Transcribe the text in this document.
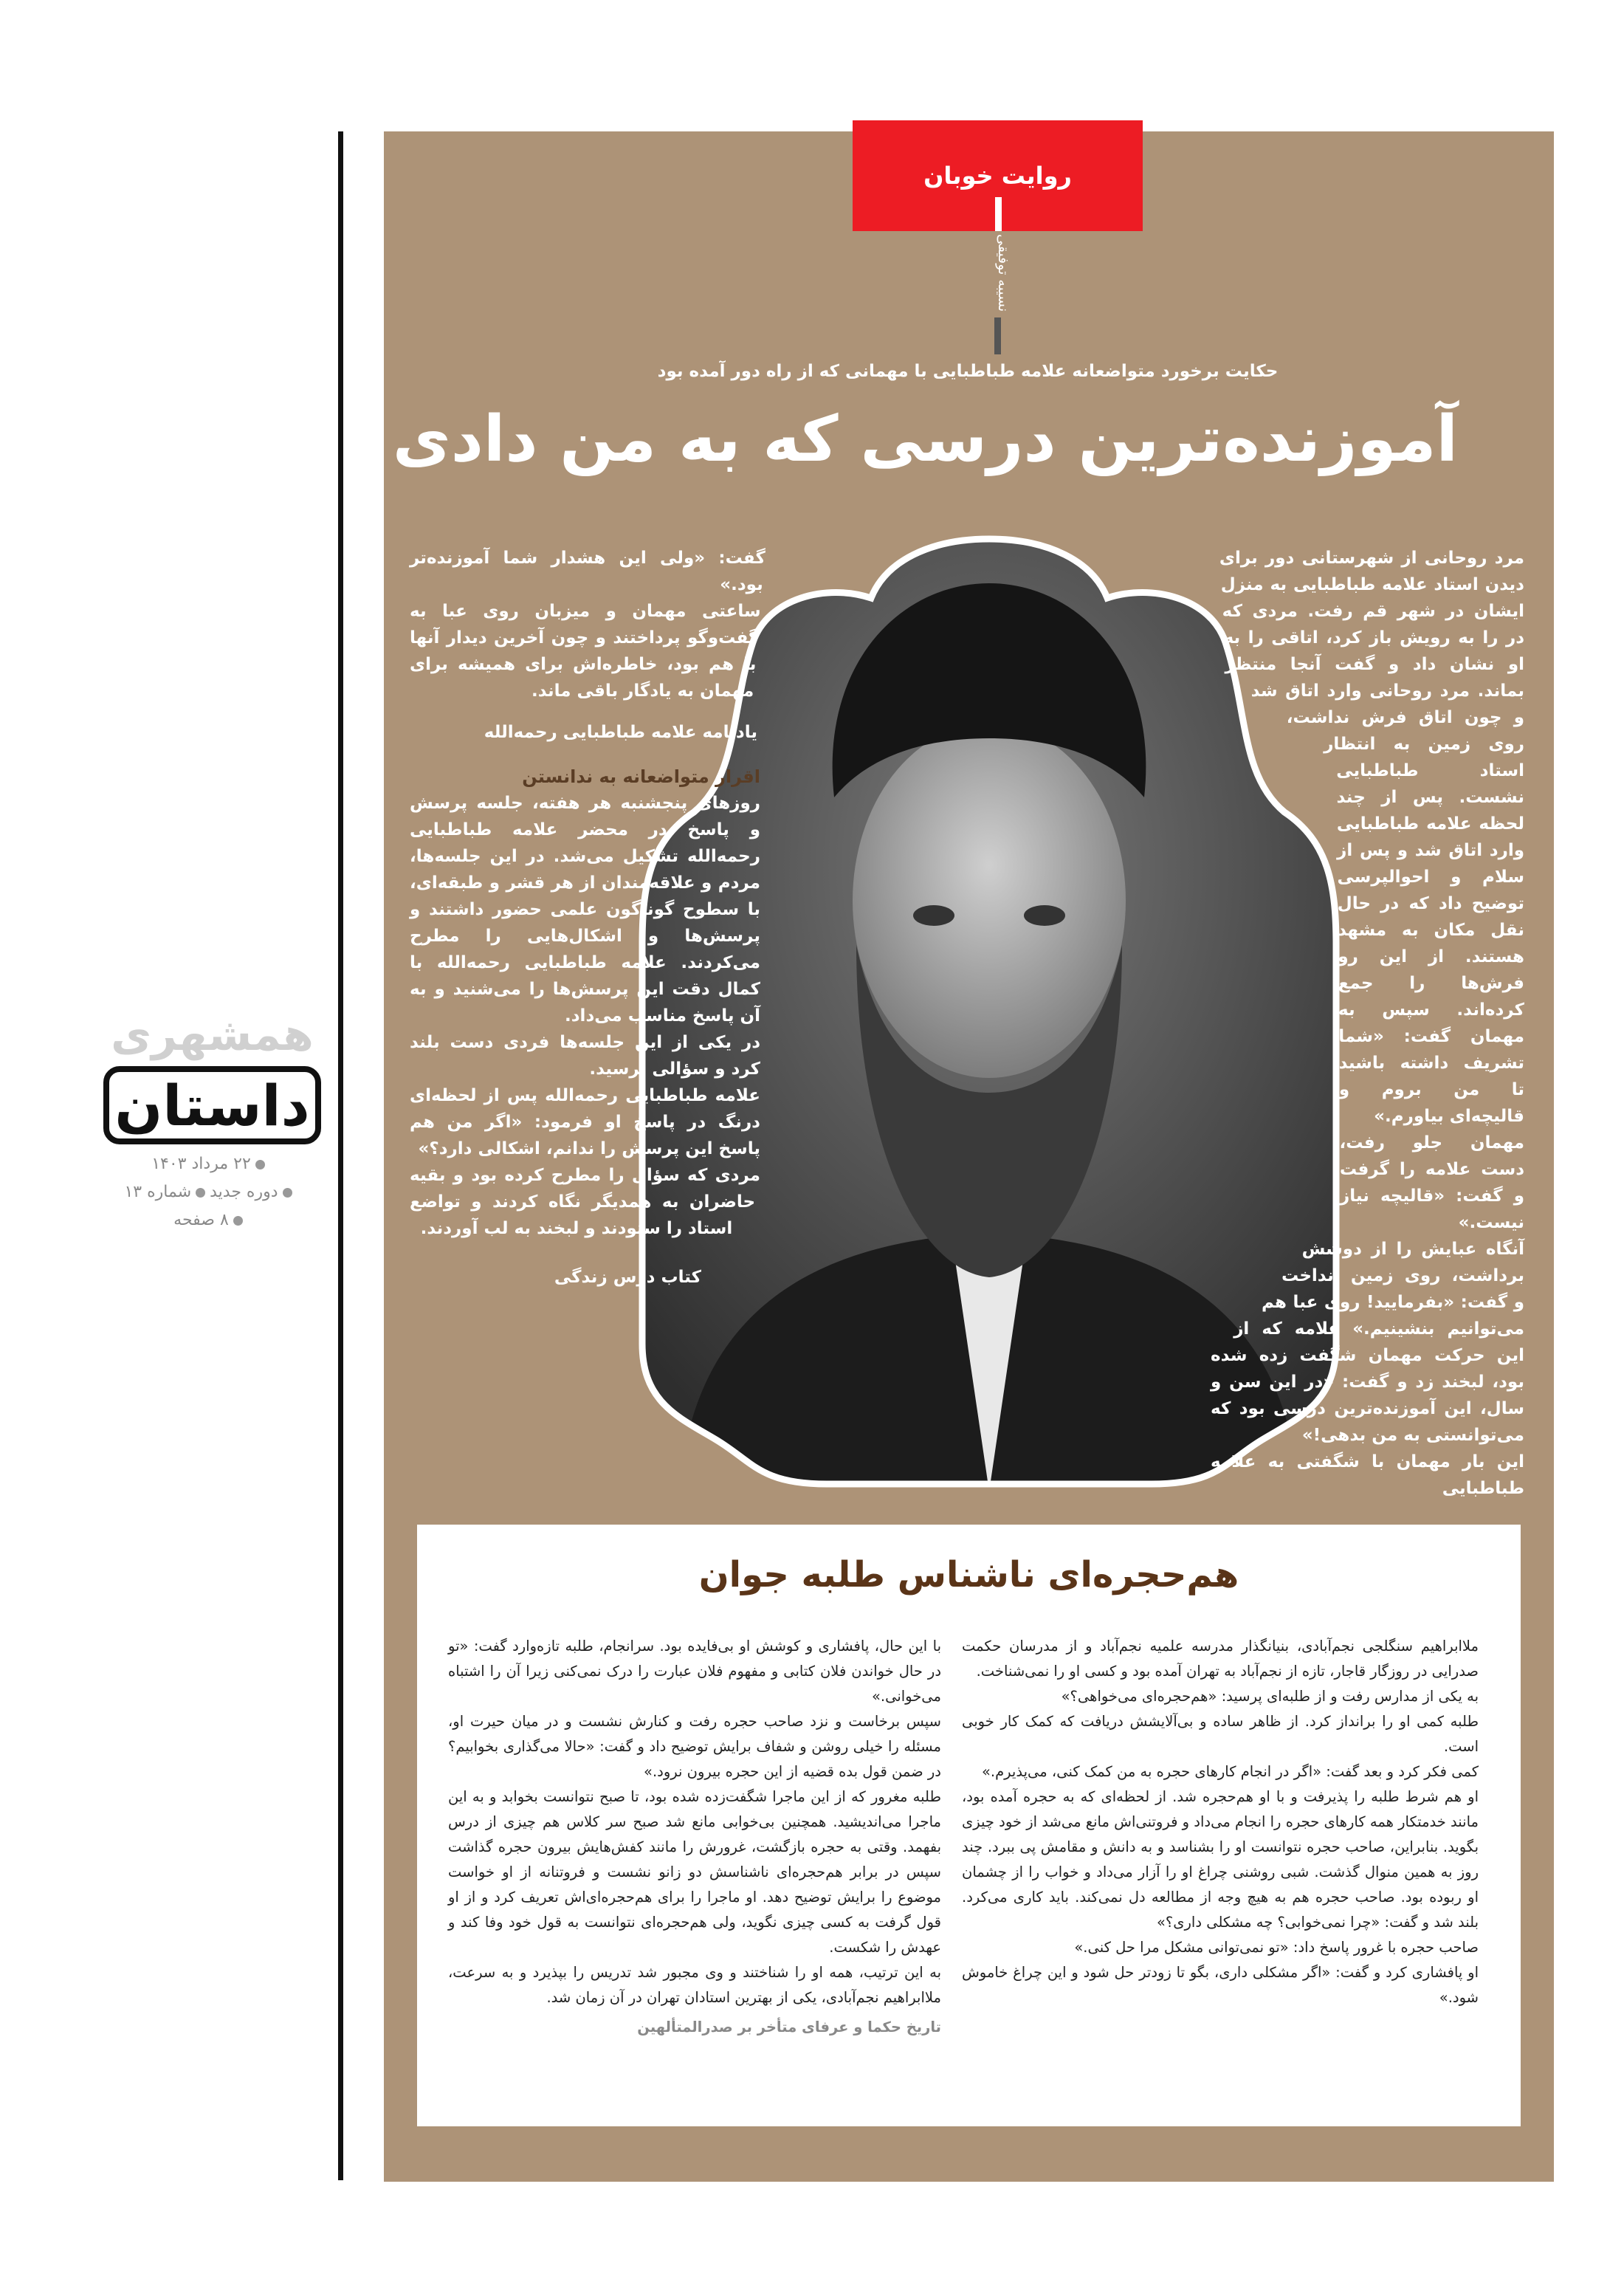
روایت خوبان
نسیبه توفیقی
حکایت برخورد متواضعانه علامه طباطبایی با مهمانی که از راه دور آمده بود
آموزنده‌ترین درسی که به من دادی

مرد روحانی از شهرستانی دور برای دیدن استاد علامه طباطبایی به منزل ایشان در شهر قم رفت. مردی که در را به رویش باز کرد، اتاقی را به او نشان داد و گفت آنجا منتظر بماند. مرد روحانی وارد اتاق شد و چون اتاق فرش نداشت، روی زمین به انتظار استاد طباطبایی نشست. پس از چند لحظه علامه طباطبایی وارد اتاق شد و پس از سلام و احوالپرسی توضیح داد که در حال نقل مکان به مشهد هستند. از این رو فرش‌ها را جمع کرده‌اند. سپس به مهمان گفت: «شما تشریف داشته باشید تا من بروم و قالیچه‌ای بیاورم.»

مهمان جلو رفت، دست علامه را گرفت و گفت: «قالیچه نیاز نیست.»

آنگاه عبایش را از دوشش برداشت، روی زمین انداخت و گفت: «بفرمایید! روی عبا هم می‌توانیم بنشینیم.» علامه که از این حرکت مهمان شگفت زده شده بود، لبخند زد و گفت: «در این سن و سال، این آموزنده‌ترین درسی بود که می‌توانستی به من بدهی!»

این بار مهمان با شگفتی به علامه طباطبایی

گفت: «ولی این هشدار شما آموزنده‌تر بود.»

ساعتی مهمان و میزبان روی عبا به گفت‌وگو پرداختند و چون آخرین دیدار آنها با هم بود، خاطره‌اش برای همیشه برای مهمان به یادگار باقی ماند.

یادنامه علامه طباطبایی رحمه‌الله

اقرار متواضعانه به ندانستن

روزهای پنجشنبه هر هفته، جلسه پرسش و پاسخ در محضر علامه طباطبایی رحمه‌الله تشکیل می‌شد. در این جلسه‌ها، مردم و علاقه‌مندان از هر قشر و طبقه‌ای، با سطوح گوناگون علمی حضور داشتند و پرسش‌ها و اشکال‌هایی را مطرح می‌کردند. علامه طباطبایی رحمه‌الله با کمال دقت این پرسش‌ها را می‌شنید و به آن پاسخ مناسب می‌داد.

در یکی از این جلسه‌ها فردی دست بلند کرد و سؤالی پرسید.

علامه طباطبایی رحمه‌الله پس از لحظه‌ای درنگ در پاسخ او فرمود: «اگر من هم پاسخ این پرسش را ندانم، اشکالی دارد؟»

مردی که سؤال را مطرح کرده بود و بقیه حاضران به همدیگر نگاه کردند و تواضع استاد را ستودند و لبخند به لب آوردند.

کتاب درس زندگی

همشهری
داستان
۲۲ مرداد ۱۴۰۳
دوره جدیدشماره ۱۳
۸ صفحه
هم‌حجره‌ای ناشناس طلبه جوان

ملاابراهیم سنگلجی نجم‌آبادی، بنیانگذار مدرسه علمیه نجم‌آباد و از مدرسان حکمت صدرایی در روزگار قاجار، تازه از نجم‌آباد به تهران آمده بود و کسی او را نمی‌شناخت.

به یکی از مدارس رفت و از طلبه‌ای پرسید: «هم‌حجره‌ای می‌خواهی؟»

طلبه کمی او را برانداز کرد. از ظاهر ساده و بی‌آلایشش دریافت که کمک کار خوبی است.

کمی فکر کرد و بعد گفت: «اگر در انجام کارهای حجره به من کمک کنی، می‌پذیرم.»

او هم شرط طلبه را پذیرفت و با او هم‌حجره شد. از لحظه‌ای که به حجره آمده بود، مانند خدمتکار همه کارهای حجره را انجام می‌داد و فروتنی‌اش مانع می‌شد از خود چیزی بگوید. بنابراین، صاحب حجره نتوانست او را بشناسد و به دانش و مقامش پی ببرد. چند روز به همین منوال گذشت. شبی روشنی چراغ او را آزار می‌داد و خواب را از چشمان او ربوده بود. صاحب حجره هم به هیچ وجه از مطالعه دل نمی‌کند. باید کاری می‌کرد. بلند شد و گفت: «چرا نمی‌خوابی؟ چه مشکلی داری؟»

صاحب حجره با غرور پاسخ داد: «تو نمی‌توانی مشکل مرا حل کنی.»

او پافشاری کرد و گفت: «اگر مشکلی داری، بگو تا زودتر حل شود و این چراغ خاموش شود.»

با این حال، پافشاری و کوشش او بی‌فایده بود. سرانجام، طلبه تازه‌وارد گفت: «تو در حال خواندن فلان کتابی و مفهوم فلان عبارت را درک نمی‌کنی زیرا آن را اشتباه می‌خوانی.»

سپس برخاست و نزد صاحب حجره رفت و کنارش نشست و در میان حیرت او، مسئله را خیلی روشن و شفاف برایش توضیح داد و گفت: «حالا می‌گذاری بخوابیم؟ در ضمن قول بده قضیه از این حجره بیرون نرود.»

طلبه مغرور که از این ماجرا شگفت‌زده شده بود، تا صبح نتوانست بخوابد و به این ماجرا می‌اندیشید. همچنین بی‌خوابی مانع شد صبح سر کلاس هم چیزی از درس بفهمد. وقتی به حجره بازگشت، غرورش را مانند کفش‌هایش بیرون حجره گذاشت سپس در برابر هم‌حجره‌ای ناشناسش دو زانو نشست و فروتنانه از او خواست موضوع را برایش توضیح دهد. او ماجرا را برای هم‌حجره‌ای‌اش تعریف کرد و از او قول گرفت به کسی چیزی نگوید، ولی هم‌حجره‌ای نتوانست به قول خود وفا کند و عهدش را شکست.

به این ترتیب، همه او را شناختند و وی مجبور شد تدریس را بپذیرد و به سرعت، ملاابراهیم نجم‌آبادی، یکی از بهترین استادان تهران در آن زمان شد.

تاریخ حکما و عرفای متأخر بر صدرالمتألهین
